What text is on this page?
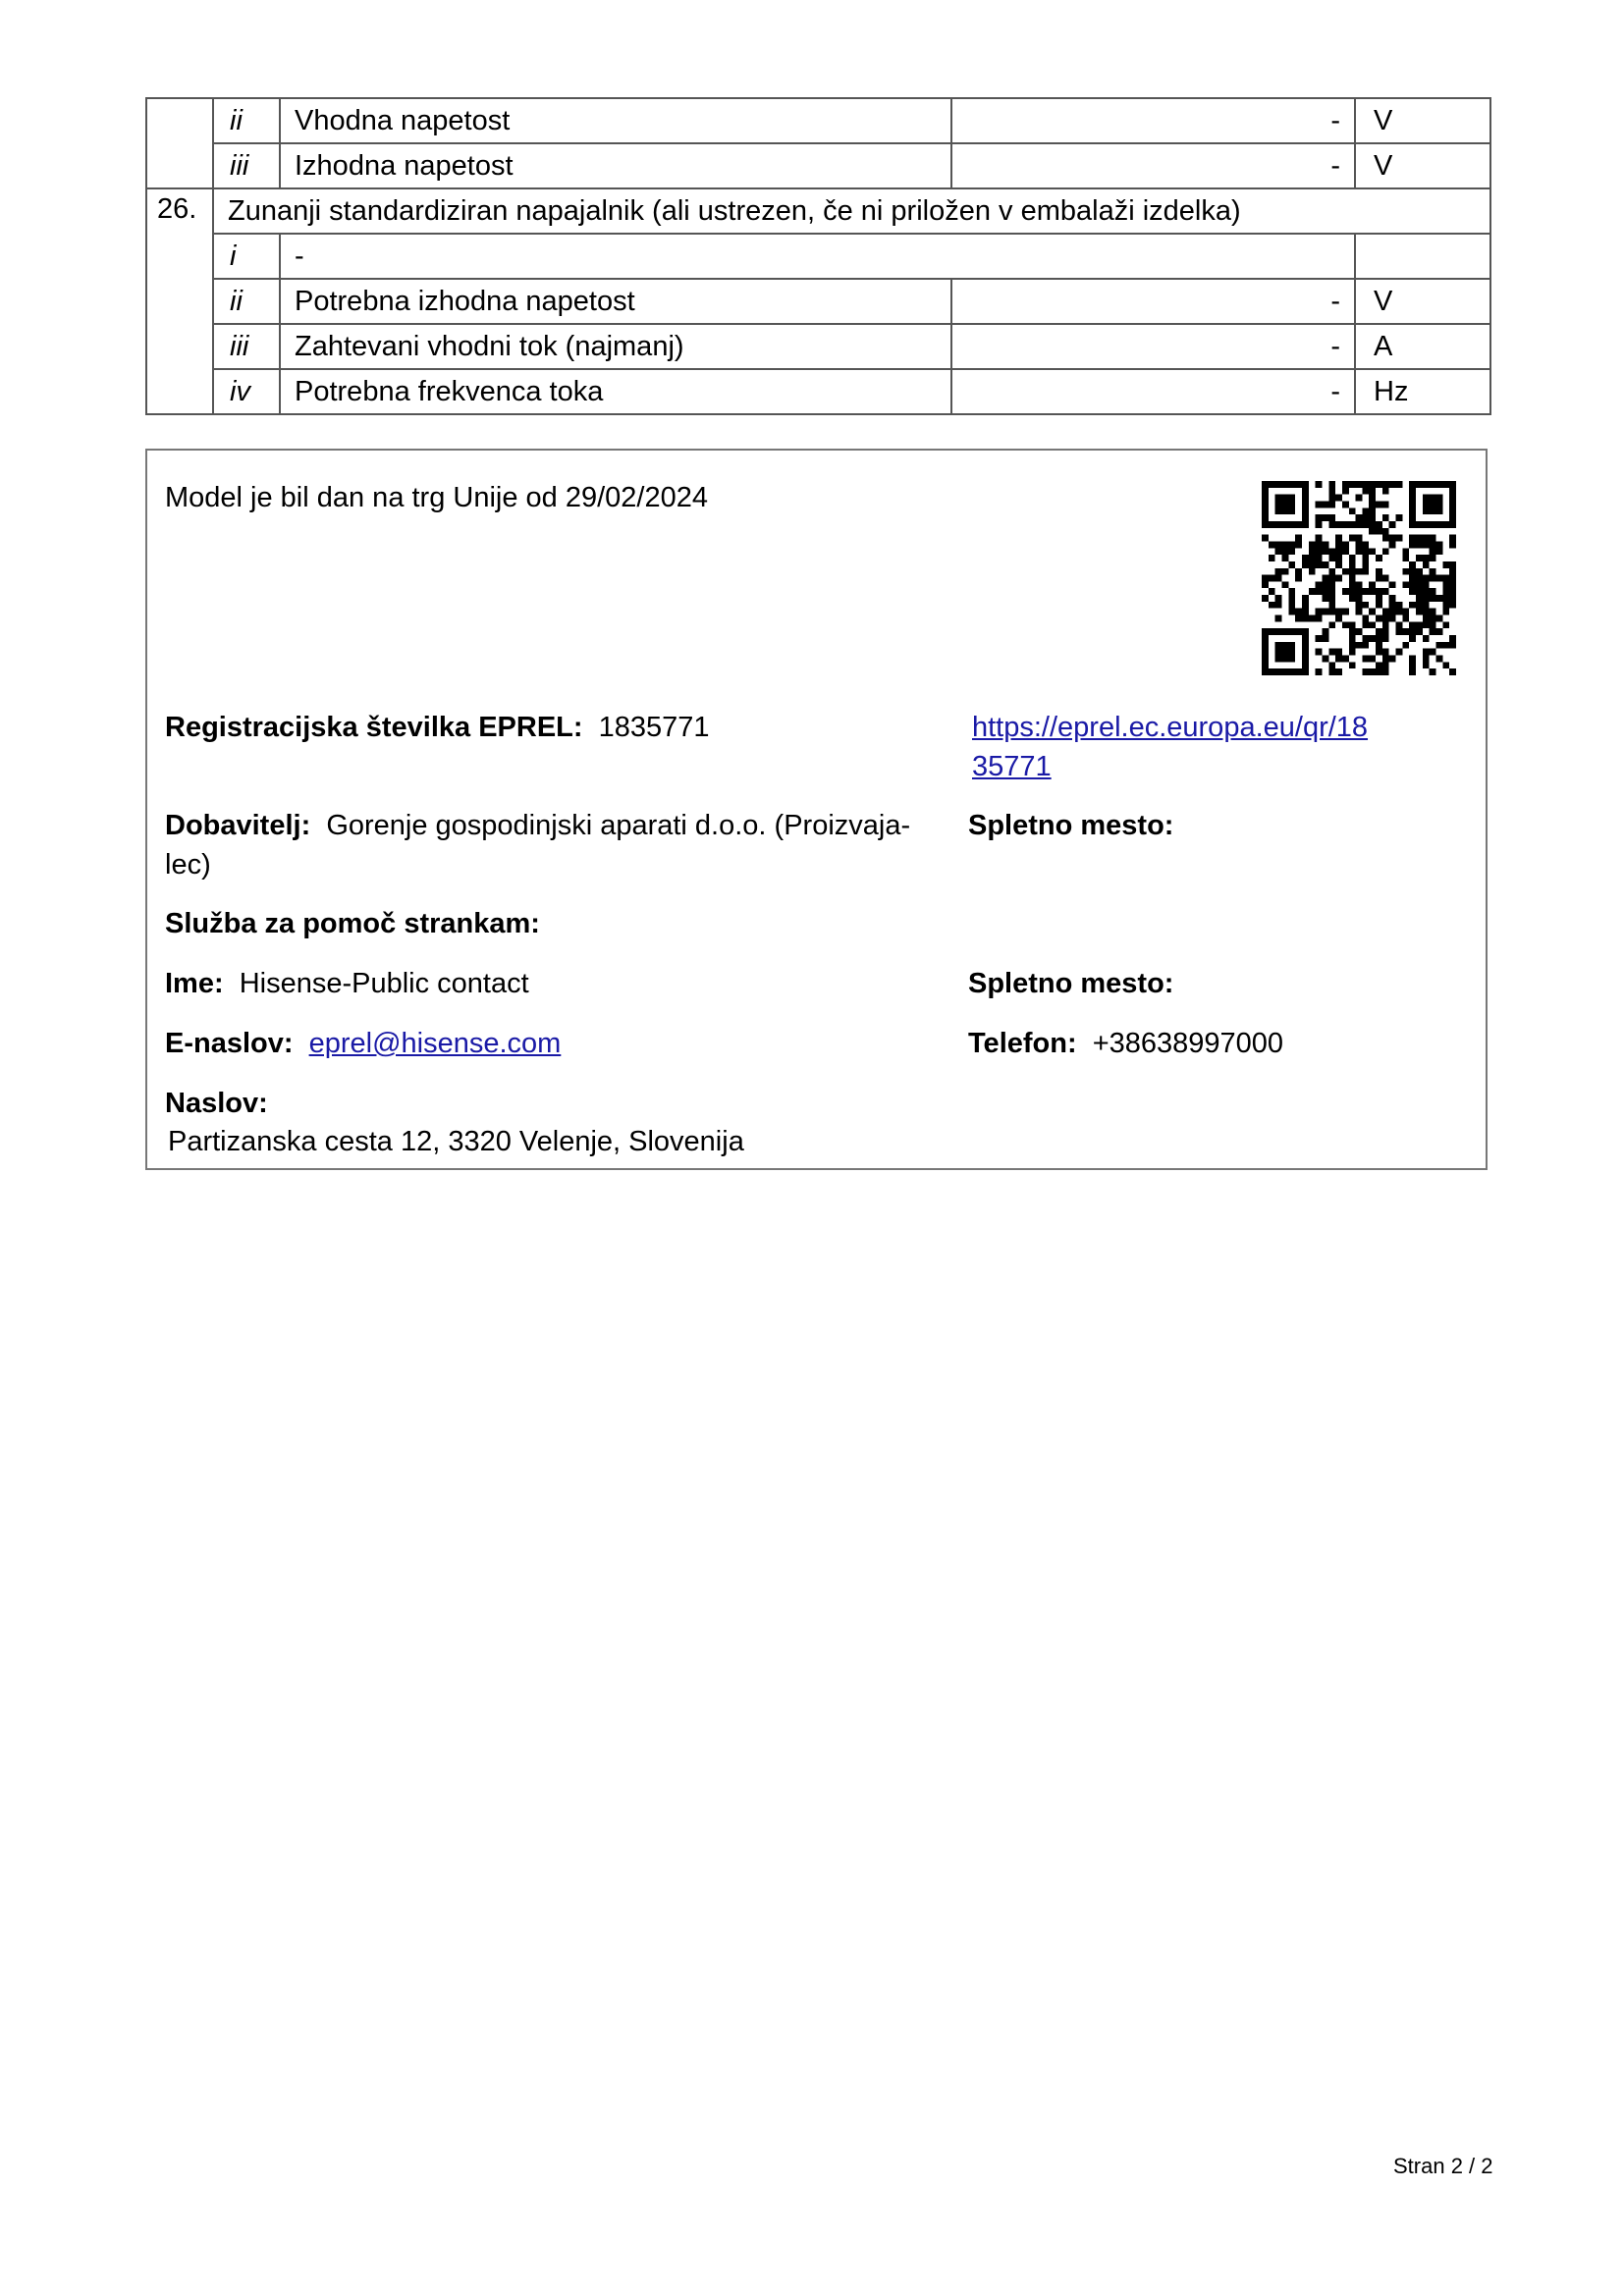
	ii	Vhodna napetost	-	V
	iii	Izhodna napetost	-	V
26.	Zunanji standardiziran napajalnik (ali ustrezen, če ni priložen v embalaži izdelka)			
	i	-		
	ii	Potrebna izhodna napetost	-	V
	iii	Zahtevani vhodni tok (najmanj)	-	A
	iv	Potrebna frekvenca toka	-	Hz
Model je bil dan na trg Unije od 29/02/2024
Registracijska številka EPREL: 1835771	https://eprel.ec.europa.eu/qr/18
35771
Dobavitelj: Gorenje gospodinjski aparati d.o.o. (Proizvaja-
lec)
Spletno mesto:
Služba za pomoč strankam:
Ime: Hisense-Public contact	Spletno mesto:
E-naslov: eprel@hisense.com	Telefon: +38638997000
Naslov:
Partizanska cesta 12, 3320 Velenje, Slovenija
Stran 2 / 2
